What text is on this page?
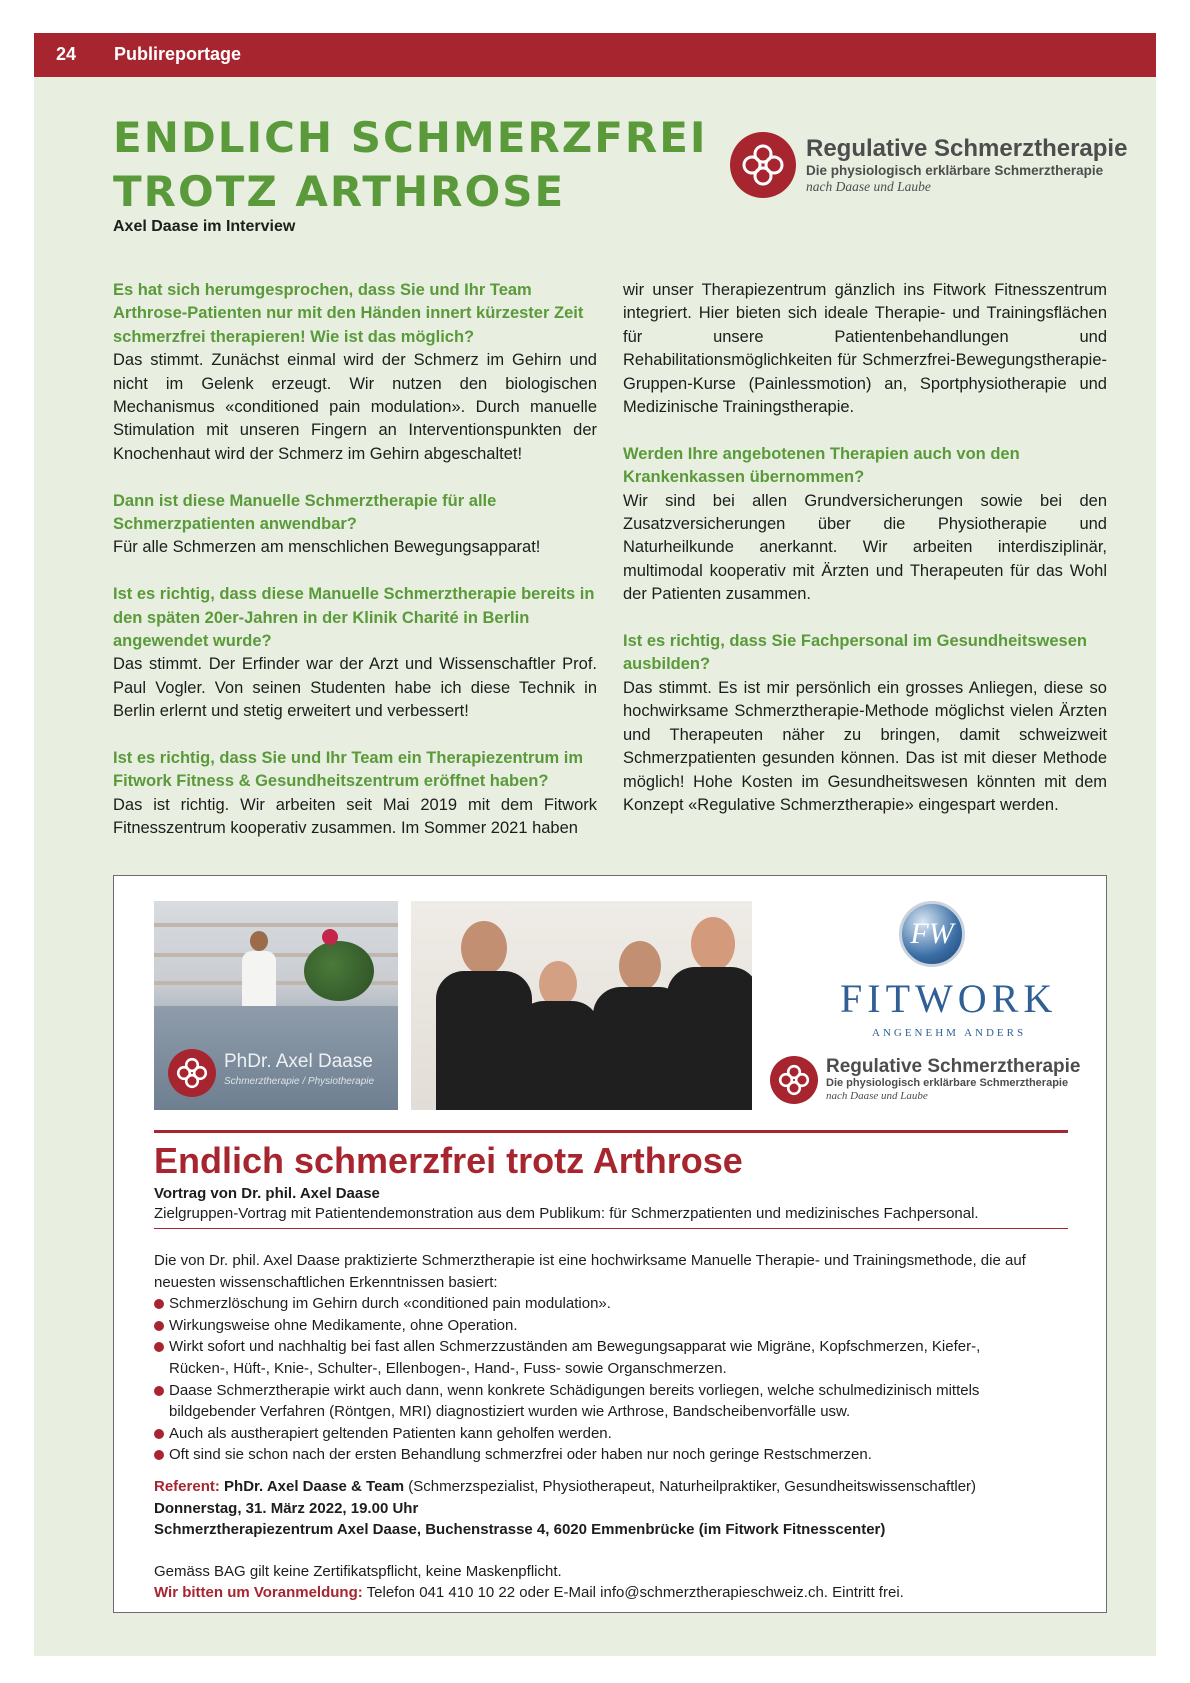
24 Publireportage
ENDLICH SCHMERZFREI
TROTZ ARTHROSE
Axel Daase im Interview
Regulative Schmerztherapie
Die physiologisch erklärbare Schmerztherapie
nach Daase und Laube
Es hat sich herumgesprochen, dass Sie und Ihr Team Arthrose-Patienten nur mit den Händen innert kürzester Zeit schmerzfrei therapieren! Wie ist das möglich?
Das stimmt. Zunächst einmal wird der Schmerz im Gehirn und nicht im Gelenk erzeugt. Wir nutzen den biologischen Mechanismus «conditioned pain modulation». Durch manuelle Stimulation mit unseren Fingern an Interventionspunkten der Knochenhaut wird der Schmerz im Gehirn abgeschaltet!
Dann ist diese Manuelle Schmerztherapie für alle Schmerzpatienten anwendbar?
Für alle Schmerzen am menschlichen Bewegungsapparat!
Ist es richtig, dass diese Manuelle Schmerztherapie bereits in den späten 20er-Jahren in der Klinik Charité in Berlin angewendet wurde?
Das stimmt. Der Erfinder war der Arzt und Wissenschaftler Prof. Paul Vogler. Von seinen Studenten habe ich diese Technik in Berlin erlernt und stetig erweitert und verbessert!
Ist es richtig, dass Sie und Ihr Team ein Therapiezentrum im Fitwork Fitness & Gesundheitszentrum eröffnet haben?
Das ist richtig. Wir arbeiten seit Mai 2019 mit dem Fitwork Fitnesszentrum kooperativ zusammen. Im Sommer 2021 haben
wir unser Therapiezentrum gänzlich ins Fitwork Fitnesszentrum integriert. Hier bieten sich ideale Therapie- und Trainingsflächen für unsere Patientenbehandlungen und Rehabilitationsmöglichkeiten für Schmerzfrei-Bewegungstherapie-Gruppen-Kurse (Painlessmotion) an, Sportphysiotherapie und Medizinische Trainingstherapie.
Werden Ihre angebotenen Therapien auch von den Krankenkassen übernommen?
Wir sind bei allen Grundversicherungen sowie bei den Zusatzversicherungen über die Physiotherapie und Naturheilkunde anerkannt. Wir arbeiten interdisziplinär, multimodal kooperativ mit Ärzten und Therapeuten für das Wohl der Patienten zusammen.
Ist es richtig, dass Sie Fachpersonal im Gesundheitswesen ausbilden?
Das stimmt. Es ist mir persönlich ein grosses Anliegen, diese so hochwirksame Schmerztherapie-Methode möglichst vielen Ärzten und Therapeuten näher zu bringen, damit schweizweit Schmerzpatienten gesunden können. Das ist mit dieser Methode möglich! Hohe Kosten im Gesundheitswesen könnten mit dem Konzept «Regulative Schmerztherapie» eingespart werden.
PhDr. Axel Daase
Schmerztherapie / Physiotherapie
FW
FITWORK
ANGENEHM ANDERS
Regulative Schmerztherapie
Die physiologisch erklärbare Schmerztherapie
nach Daase und Laube
Endlich schmerzfrei trotz Arthrose
Vortrag von Dr. phil. Axel Daase
Zielgruppen-Vortrag mit Patientendemonstration aus dem Publikum: für Schmerzpatienten und medizinisches Fachpersonal.
Die von Dr. phil. Axel Daase praktizierte Schmerztherapie ist eine hochwirksame Manuelle Therapie- und Trainingsmethode, die auf neuesten wissenschaftlichen Erkenntnissen basiert:
Schmerzlöschung im Gehirn durch «conditioned pain modulation».
Wirkungsweise ohne Medikamente, ohne Operation.
Wirkt sofort und nachhaltig bei fast allen Schmerzzuständen am Bewegungsapparat wie Migräne, Kopfschmerzen, Kiefer-, Rücken-, Hüft-, Knie-, Schulter-, Ellenbogen-, Hand-, Fuss- sowie Organschmerzen.
Daase Schmerztherapie wirkt auch dann, wenn konkrete Schädigungen bereits vorliegen, welche schulmedizinisch mittels bildgebender Verfahren (Röntgen, MRI) diagnostiziert wurden wie Arthrose, Bandscheibenvorfälle usw.
Auch als austherapiert geltenden Patienten kann geholfen werden.
Oft sind sie schon nach der ersten Behandlung schmerzfrei oder haben nur noch geringe Restschmerzen.
Referent: PhDr. Axel Daase & Team (Schmerzspezialist, Physiotherapeut, Naturheilpraktiker, Gesundheitswissenschaftler)
Donnerstag, 31. März 2022, 19.00 Uhr
Schmerztherapiezentrum Axel Daase, Buchenstrasse 4, 6020 Emmenbrücke (im Fitwork Fitnesscenter)
Gemäss BAG gilt keine Zertifikatspflicht, keine Maskenpflicht.
Wir bitten um Voranmeldung: Telefon 041 410 10 22 oder E-Mail info@schmerztherapieschweiz.ch. Eintritt frei.
